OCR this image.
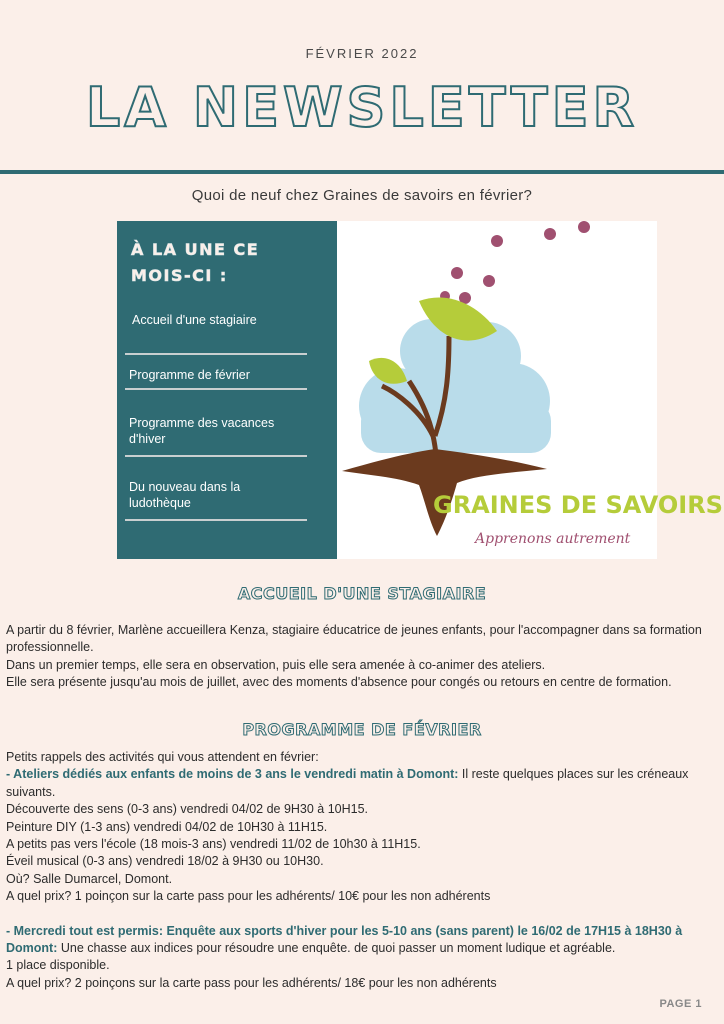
FÉVRIER 2022
LA NEWSLETTER
Quoi de neuf chez Graines de savoirs en février?
À LA UNE CE
MOIS-CI :
Accueil d'une stagiaire
Programme de février
Programme des vacances d'hiver
Du nouveau dans la ludothèque	GRAINES DE SAVOIRS
Apprenons autrement
ACCUEIL D'UNE STAGIAIRE

A partir du 8 février, Marlène accueillera Kenza, stagiaire éducatrice de jeunes enfants, pour l'accompagner dans sa formation professionnelle.

Dans un premier temps, elle sera en observation, puis elle sera amenée à co-animer des ateliers.

Elle sera présente jusqu'au mois de juillet, avec des moments d'absence pour congés ou retours en centre de formation.

PROGRAMME DE FÉVRIER

Petits rappels des activités qui vous attendent en février:

- Ateliers dédiés aux enfants de moins de 3 ans le vendredi matin à Domont: Il reste quelques places sur les créneaux suivants.

Découverte des sens (0-3 ans) vendredi 04/02 de 9H30 à 10H15.

Peinture DIY (1-3 ans) vendredi 04/02 de 10H30 à 11H15.

A petits pas vers l'école (18 mois-3 ans) vendredi 11/02 de 10h30 à 11H15.

Éveil musical (0-3 ans) vendredi 18/02 à 9H30 ou 10H30.

Où? Salle Dumarcel, Domont.

A quel prix? 1 poinçon sur la carte pass pour les adhérents/ 10€ pour les non adhérents

- Mercredi tout est permis: Enquête aux sports d'hiver pour les 5-10 ans (sans parent) le 16/02 de 17H15 à 18H30 à Domont: Une chasse aux indices pour résoudre une enquête. de quoi passer un moment ludique et agréable.

1 place disponible.

A quel prix? 2 poinçons sur la carte pass pour les adhérents/ 18€ pour les non adhérents

PAGE 1
